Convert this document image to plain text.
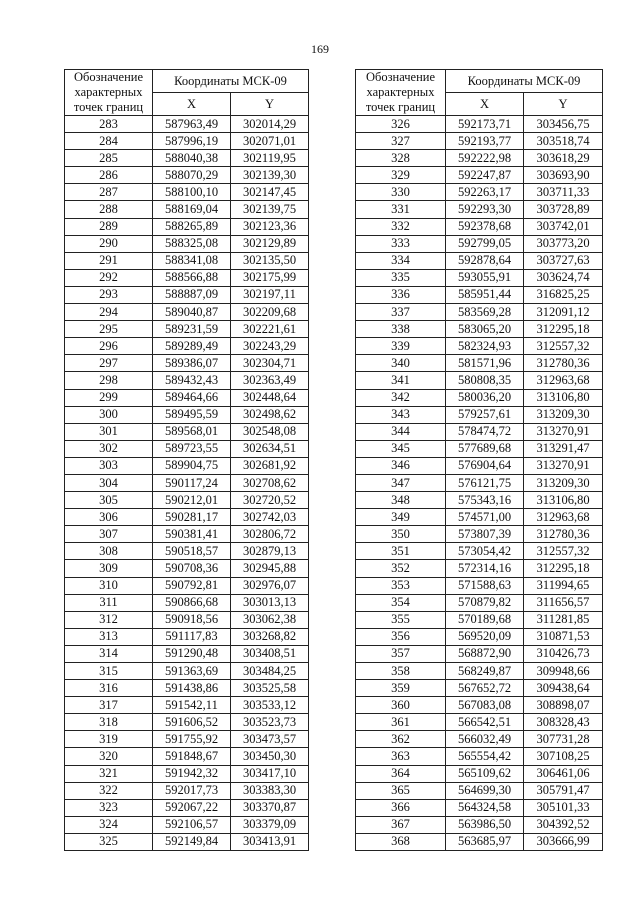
169
Обозначение характерных точек границ	Координаты МСК-09	
	X	Y
283	587963,49	302014,29
284	587996,19	302071,01
285	588040,38	302119,95
286	588070,29	302139,30
287	588100,10	302147,45
288	588169,04	302139,75
289	588265,89	302123,36
290	588325,08	302129,89
291	588341,08	302135,50
292	588566,88	302175,99
293	588887,09	302197,11
294	589040,87	302209,68
295	589231,59	302221,61
296	589289,49	302243,29
297	589386,07	302304,71
298	589432,43	302363,49
299	589464,66	302448,64
300	589495,59	302498,62
301	589568,01	302548,08
302	589723,55	302634,51
303	589904,75	302681,92
304	590117,24	302708,62
305	590212,01	302720,52
306	590281,17	302742,03
307	590381,41	302806,72
308	590518,57	302879,13
309	590708,36	302945,88
310	590792,81	302976,07
311	590866,68	303013,13
312	590918,56	303062,38
313	591117,83	303268,82
314	591290,48	303408,51
315	591363,69	303484,25
316	591438,86	303525,58
317	591542,11	303533,12
318	591606,52	303523,73
319	591755,92	303473,57
320	591848,67	303450,30
321	591942,32	303417,10
322	592017,73	303383,30
323	592067,22	303370,87
324	592106,57	303379,09
325	592149,84	303413,91
Обозначение характерных точек границ	Координаты МСК-09	
	X	Y
326	592173,71	303456,75
327	592193,77	303518,74
328	592222,98	303618,29
329	592247,87	303693,90
330	592263,17	303711,33
331	592293,30	303728,89
332	592378,68	303742,01
333	592799,05	303773,20
334	592878,64	303727,63
335	593055,91	303624,74
336	585951,44	316825,25
337	583569,28	312091,12
338	583065,20	312295,18
339	582324,93	312557,32
340	581571,96	312780,36
341	580808,35	312963,68
342	580036,20	313106,80
343	579257,61	313209,30
344	578474,72	313270,91
345	577689,68	313291,47
346	576904,64	313270,91
347	576121,75	313209,30
348	575343,16	313106,80
349	574571,00	312963,68
350	573807,39	312780,36
351	573054,42	312557,32
352	572314,16	312295,18
353	571588,63	311994,65
354	570879,82	311656,57
355	570189,68	311281,85
356	569520,09	310871,53
357	568872,90	310426,73
358	568249,87	309948,66
359	567652,72	309438,64
360	567083,08	308898,07
361	566542,51	308328,43
362	566032,49	307731,28
363	565554,42	307108,25
364	565109,62	306461,06
365	564699,30	305791,47
366	564324,58	305101,33
367	563986,50	304392,52
368	563685,97	303666,99
